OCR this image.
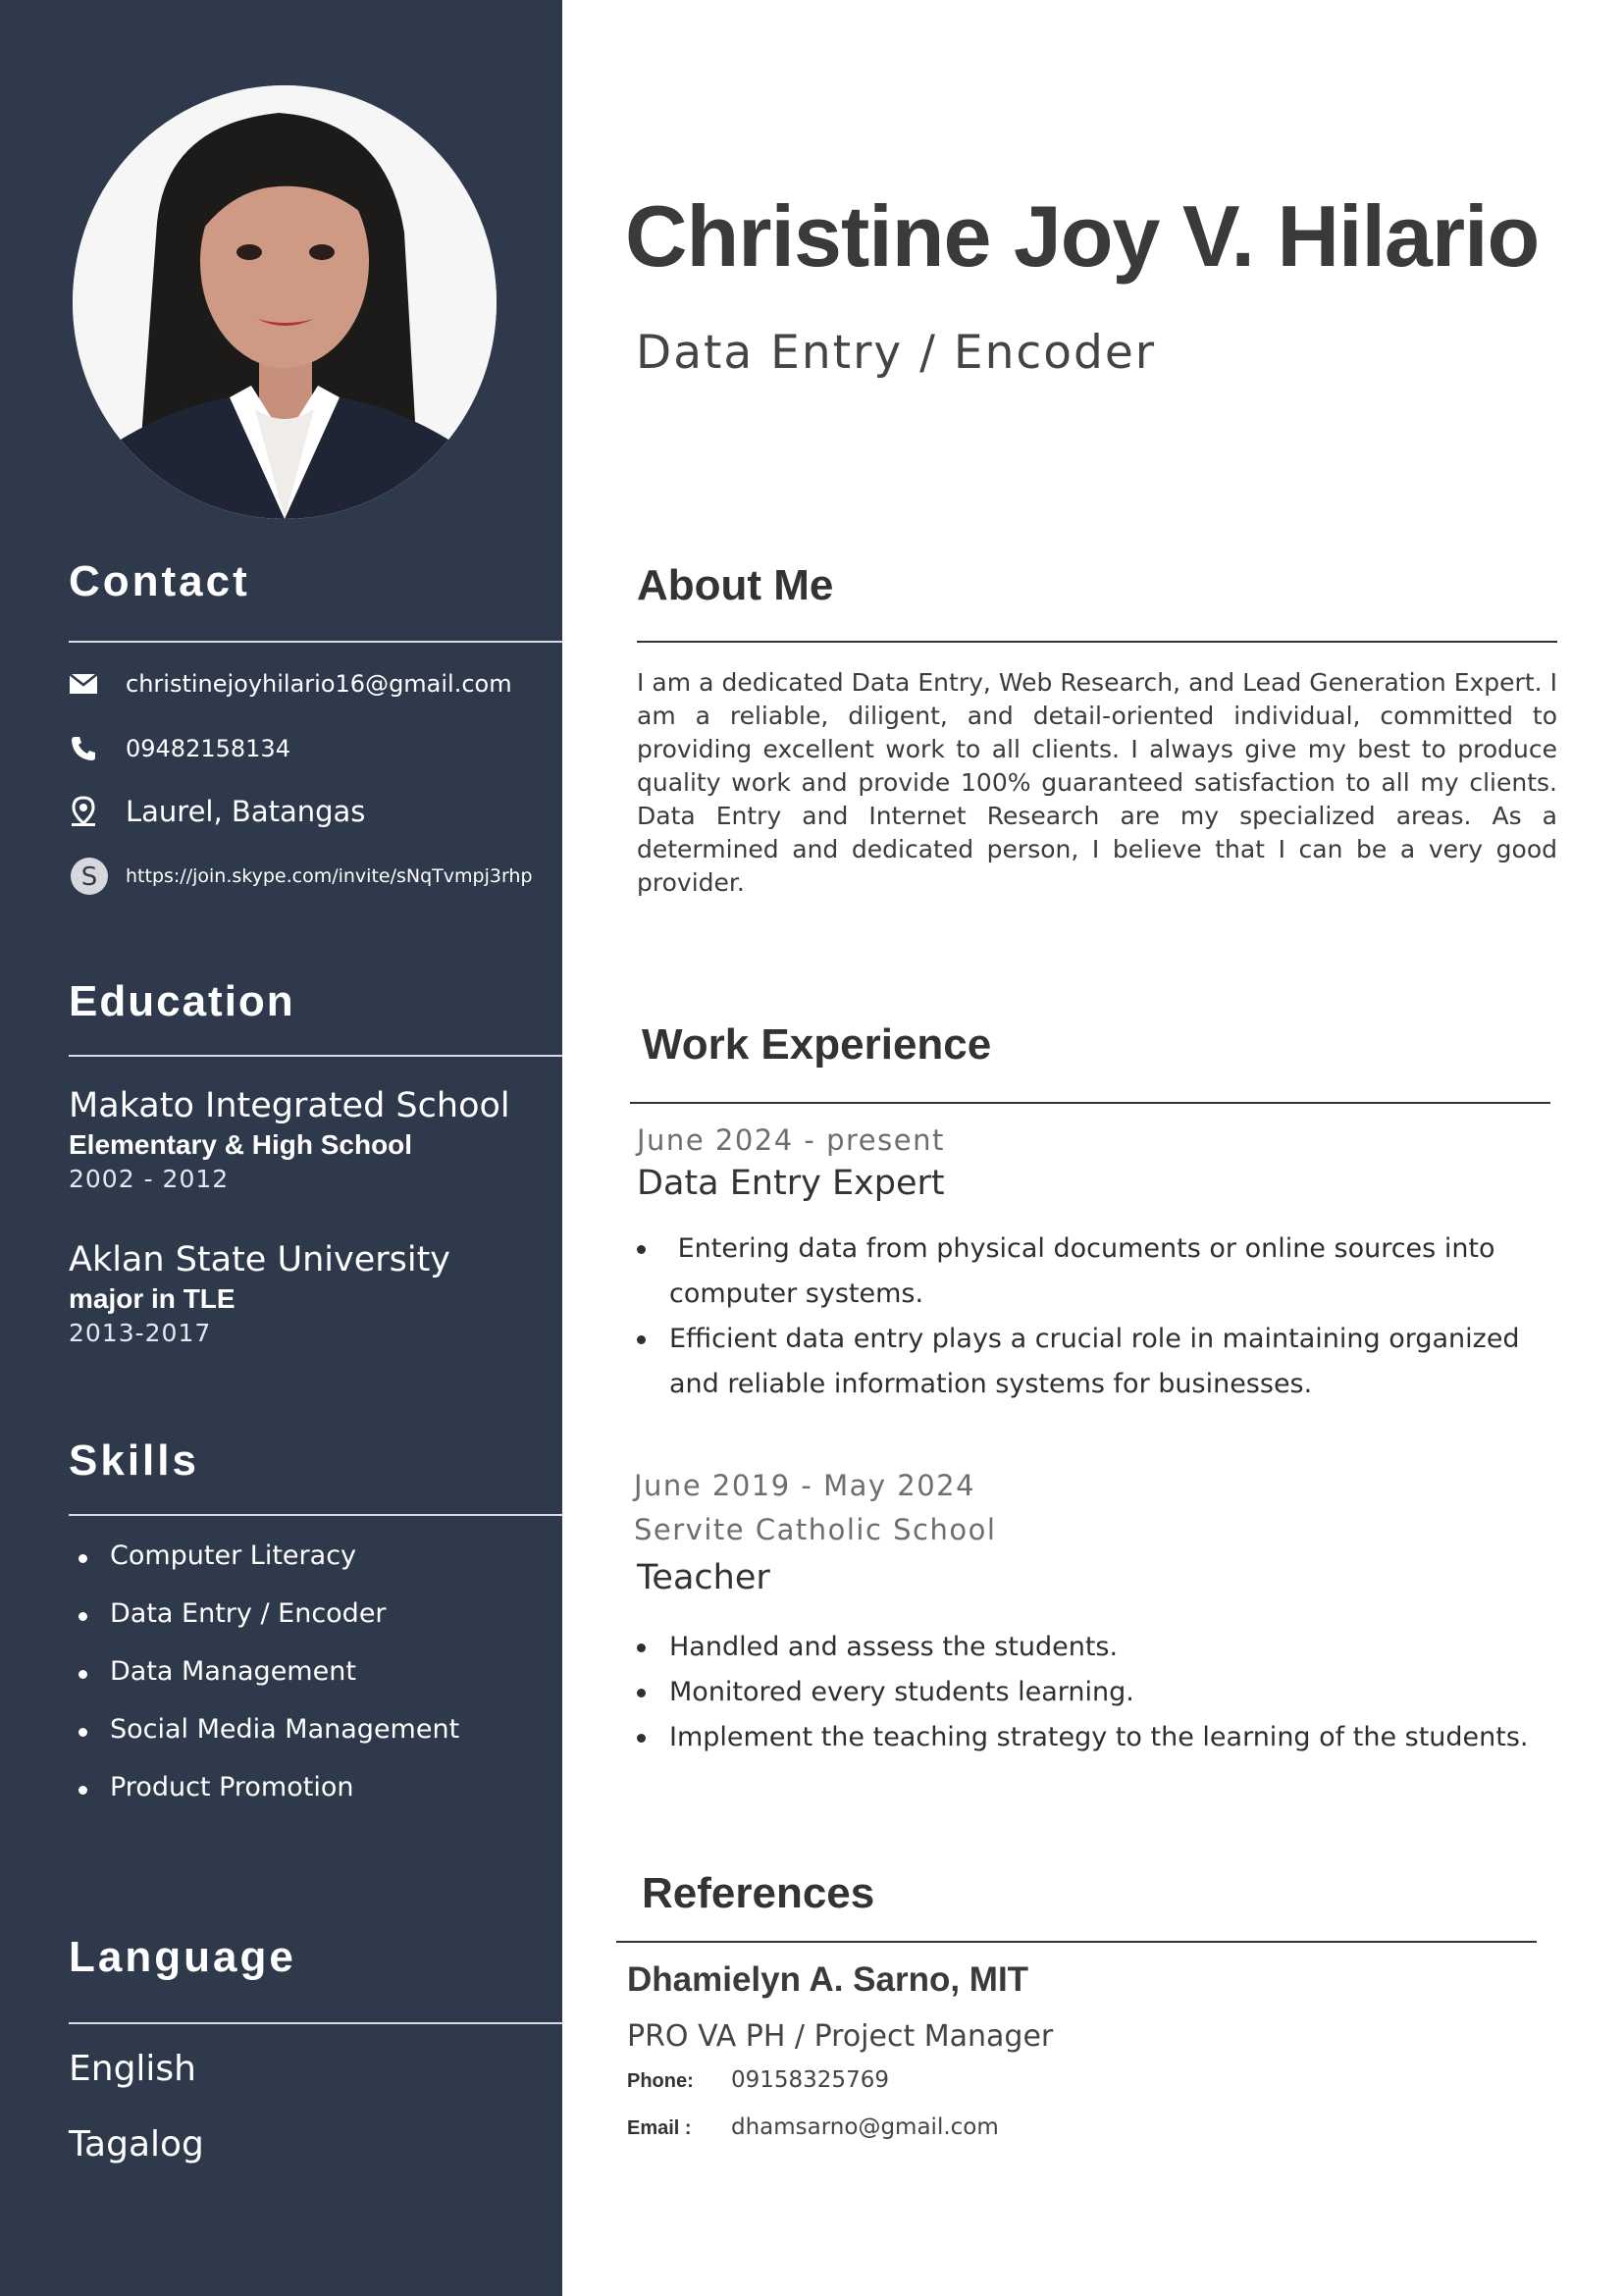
Contact
christinejoyhilario16@gmail.com
09482158134
Laurel, Batangas
S https://join.skype.com/invite/sNqTvmpj3rhp
Education
Makato Integrated School
Elementary & High School
2002 - 2012
Aklan State University
major in TLE
2013-2017
Skills
Computer Literacy
Data Entry / Encoder
Data Management
Social Media Management
Product Promotion
Language
English
Tagalog
Christine Joy V. Hilario
Data Entry / Encoder
About Me

I am a dedicated Data Entry, Web Research, and Lead Generation Expert. I am a reliable, diligent, and detail-oriented individual, committed to providing excellent work to all clients. I always give my best to produce quality work and provide 100% guaranteed satisfaction to all my clients. Data Entry and Internet Research are my specialized areas. As a determined and dedicated person, I believe that I can be a very good provider.

Work Experience
June 2024 - present
Data Entry Expert
Entering data from physical documents or online sources into computer systems.
Efficient data entry plays a crucial role in maintaining organized and reliable information systems for businesses.
June 2019 - May 2024
Servite Catholic School
Teacher
Handled and assess the students.
Monitored every students learning.
Implement the teaching strategy to the learning of the students.
References
Dhamielyn A. Sarno, MIT
PRO VA PH / Project Manager
Phone: 09158325769
Email : dhamsarno@gmail.com
